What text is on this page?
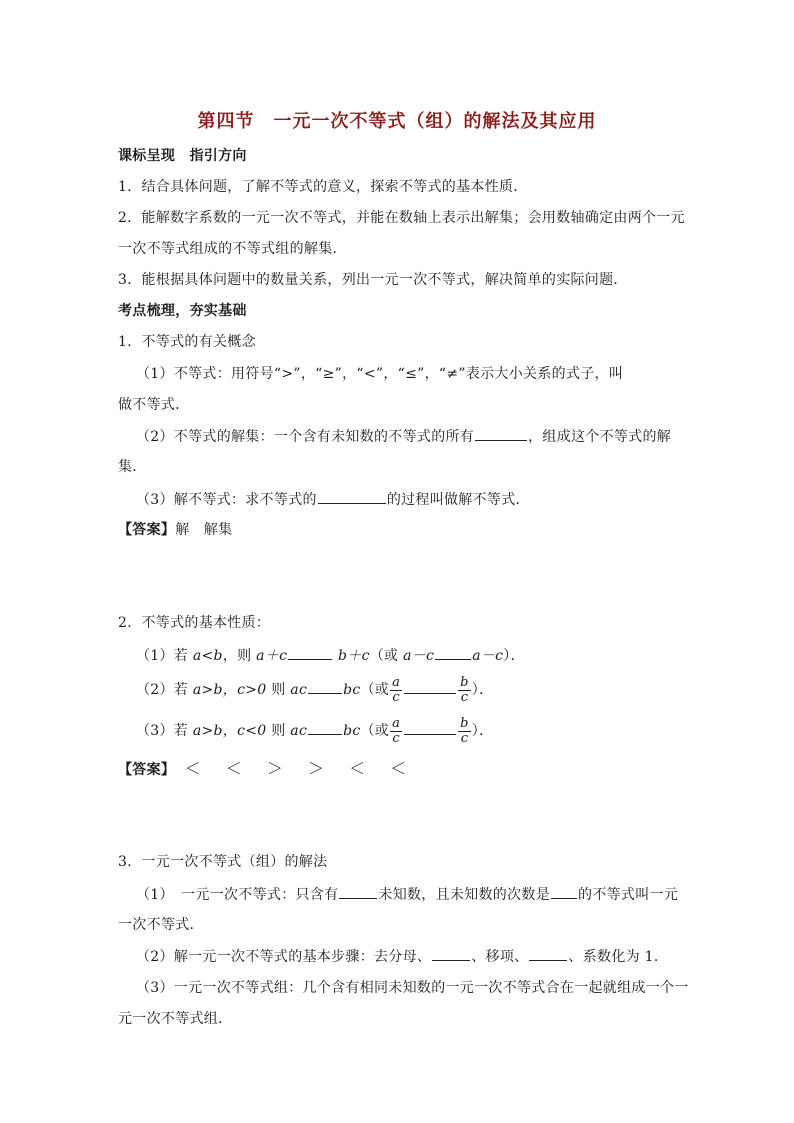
第四节　一元一次不等式（组）的解法及其应用
课标呈现　指引方向
1．结合具体问题，了解不等式的意义，探索不等式的基本性质．
2．能解数字系数的一元一次不等式，并能在数轴上表示出解集；会用数轴确定由两个一元
一次不等式组成的不等式组的解集．
3．能根据具体问题中的数量关系，列出一元一次不等式，解决简单的实际问题．
考点梳理，夯实基础
1．不等式的有关概念
（1）不等式：用符号“>”，“≥”，“<”，“≤”，“≠”表示大小关系的式子，叫
做不等式．
（2）不等式的解集：一个含有未知数的不等式的所有	，组成这个不等式的解
集．
（3）解不等式：求不等式的	的过程叫做解不等式．
【答案】解　解集
2．不等式的基本性质：
（1）若 a<b，则 a＋c	b＋c（或 a－c	a－c）．
（2）若 a>b，c>0 则 ac	bc（或 $\frac{a}{c}$	$\frac{b}{c}$ ）．
（3）若 a>b，c<0 则 ac	bc（或 $\frac{a}{c}$	$\frac{b}{c}$ ）．
【答案】 ＜ ＜ ＞ ＞ ＜ ＜
3．一元一次不等式（组）的解法
（1）　一元一次不等式：只含有	未知数，且未知数的次数是 的不等式叫一元
一次不等式．
（2）解一元一次不等式的基本步骤：去分母、	、移项、	、系数化为 1．
（3）一元一次不等式组：几个含有相同未知数的一元一次不等式合在一起就组成一个一
元一次不等式组．
